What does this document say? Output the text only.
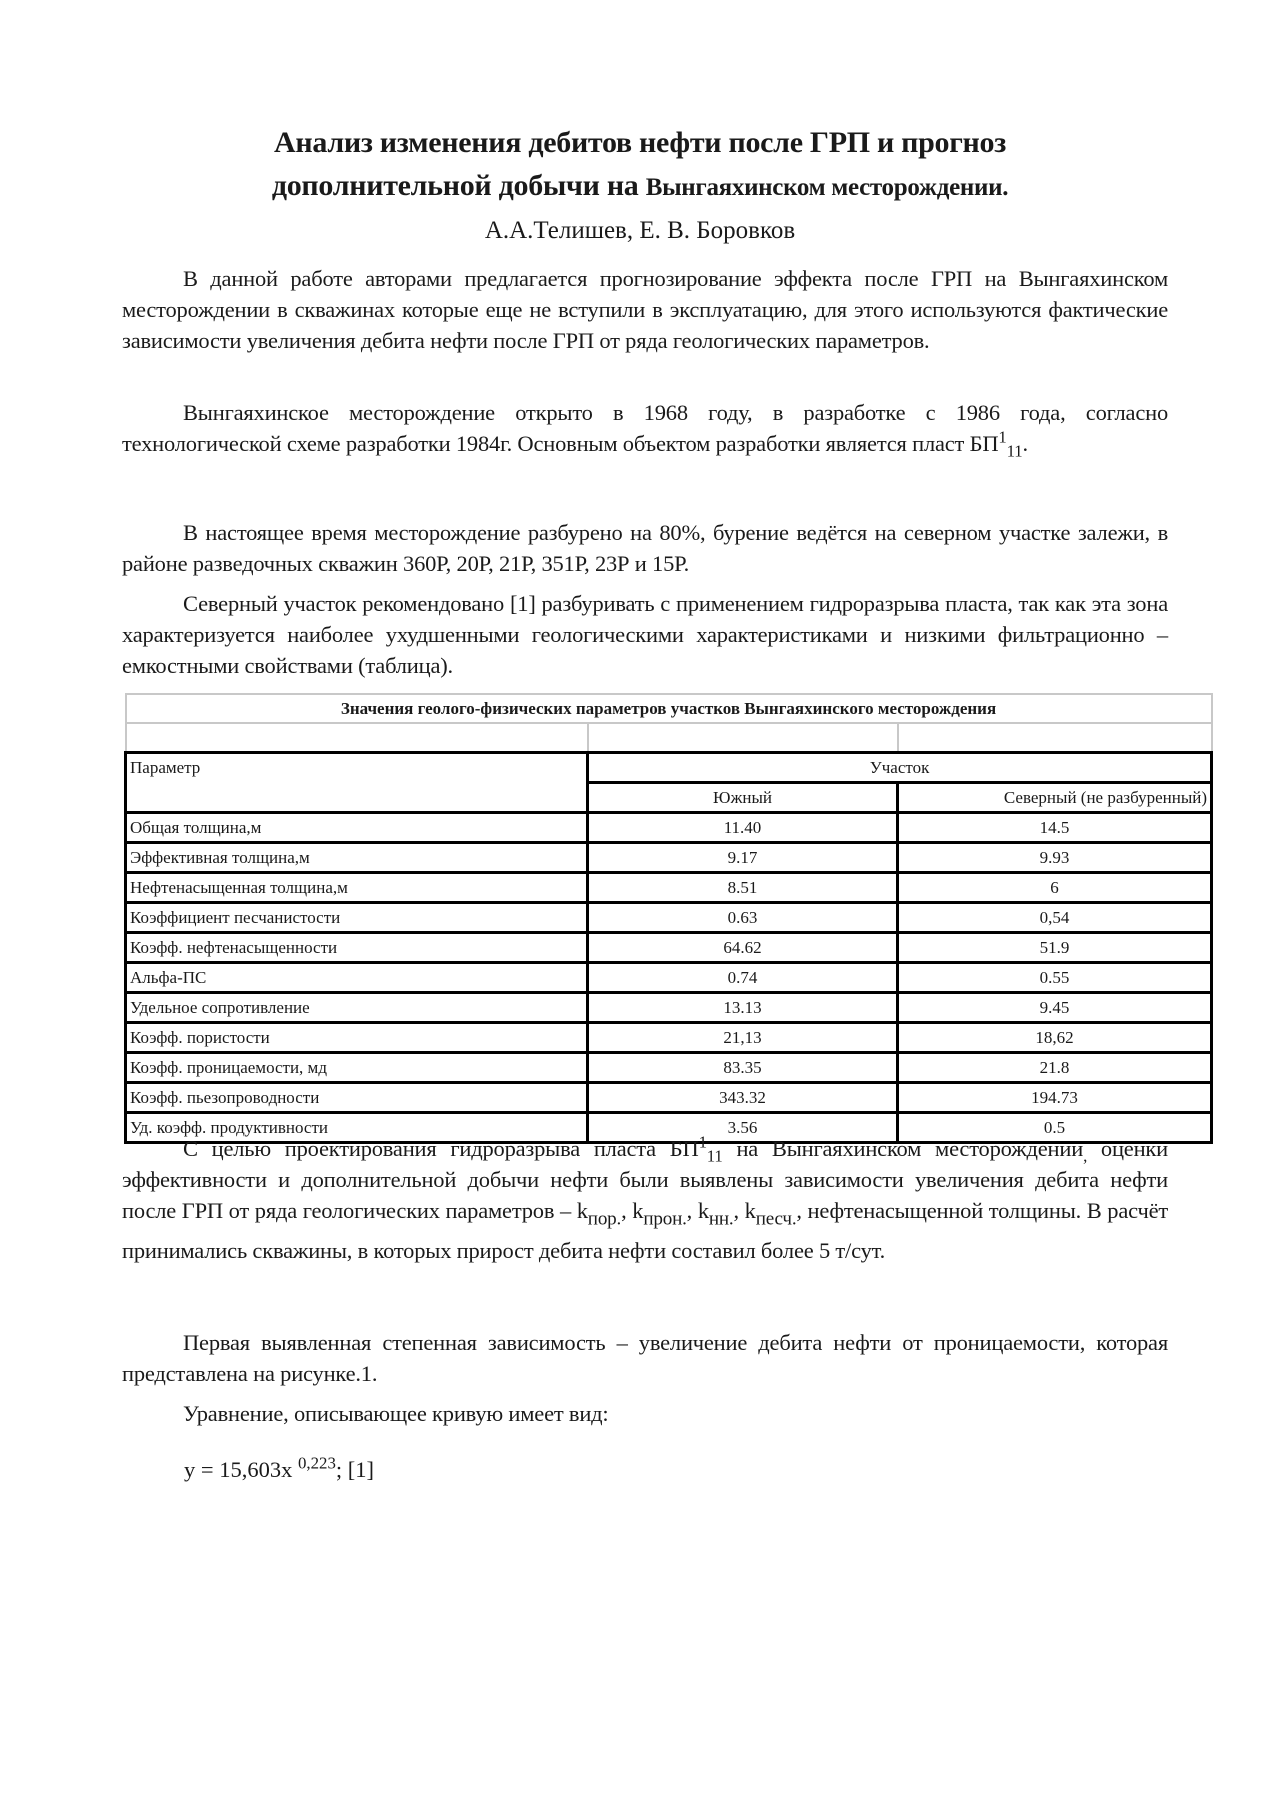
Анализ изменения дебитов нефти после ГРП и прогноз
дополнительной добычи на Вынгаяхинском месторождении.
А.А.Телишев, Е. В. Боровков
В данной работе авторами предлагается прогнозирование эффекта после ГРП на Вынгаяхинском месторождении в скважинах которые еще не вступили в эксплуатацию, для этого используются фактические зависимости увеличения дебита нефти после ГРП от ряда геологических параметров.
Вынгаяхинское месторождение открыто в 1968 году, в разработке с 1986 года, согласно технологической схеме разработки 1984г. Основным объектом разработки является пласт $БП^1_{11}$.
В настоящее время месторождение разбурено на 80%, бурение ведётся на северном участке залежи, в районе разведочных скважин 360Р, 20Р, 21Р, 351Р, 23Р и 15Р.
Северный участок рекомендовано [1] разбуривать с применением гидроразрыва пласта, так как эта зона характеризуется наиболее ухудшенными геологическими характеристиками и низкими фильтрационно – емкостными свойствами (таблица).
Значения геолого-физических параметров участков Вынгаяхинского месторождения		

Параметр	Участок	
	Южный	Северный (не разбуренный)
Общая толщина,м	11.40	14.5
Эффективная толщина,м	9.17	9.93
Нефтенасыщенная толщина,м	8.51	6
Коэффициент песчанистости	0.63	0,54
Коэфф. нефтенасыщенности	64.62	51.9
Альфа-ПС	0.74	0.55
Удельное сопротивление	13.13	9.45
Коэфф. пористости	21,13	18,62
Коэфф. проницаемости, мд	83.35	21.8
Коэфф. пьезопроводности	343.32	194.73
Уд. коэфф. продуктивности	3.56	0.5
С целью проектирования гидроразрыва пласта $БП^1_{11}$ на Вынгаяхинском месторождении$_,$ оценки эффективности и дополнительной добычи нефти были выявлены зависимости увеличения дебита нефти после ГРП от ряда геологических параметров – $k_{пор.}$, $k_{прон.}$, $k_{нн.}$, $k_{песч.}$, нефтенасыщенной толщины. В расчёт принимались скважины, в которых прирост дебита нефти составил более 5 т/сут.
Первая выявленная степенная зависимость – увеличение дебита нефти от проницаемости, которая представлена на рисунке.1.
Уравнение, описывающее кривую имеет вид:
y = 15,603x $^{0,223}$; [1]
